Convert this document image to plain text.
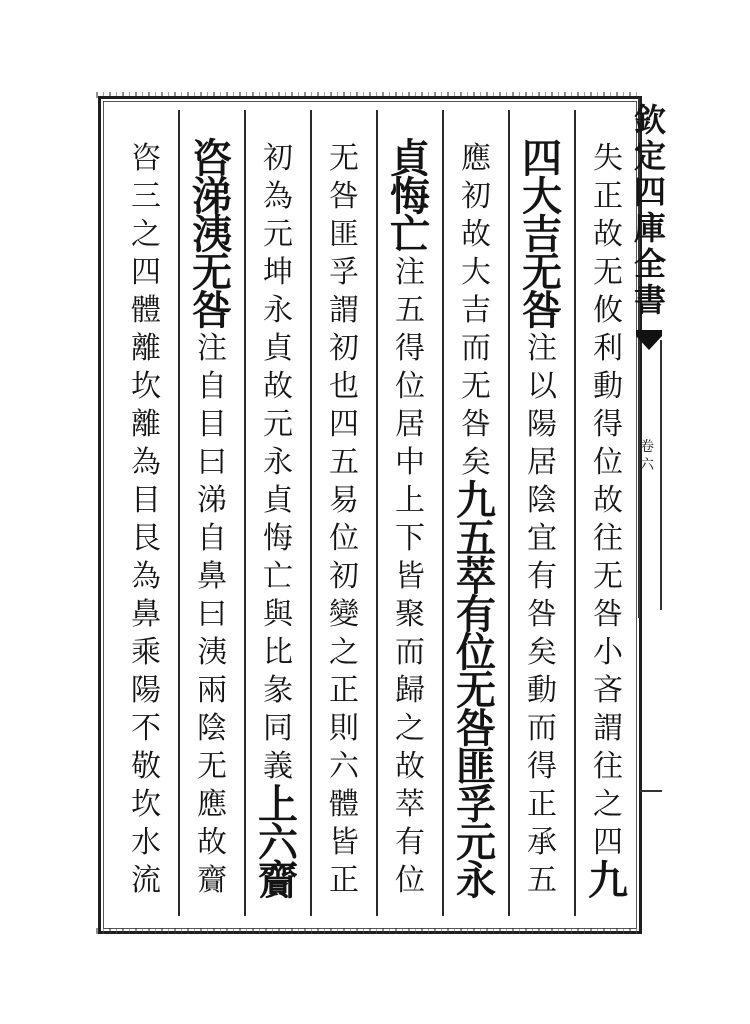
失
正
故
无
攸
利
動
得
位
故
往
无
咎
小
吝
謂
往
之
四
九
四
大
吉
无
咎
注
以
陽
居
陰
宜
有
咎
矣
動
而
得
正
承
五
應
初
故
大
吉
而
无
咎
矣
九
五
萃
有
位
无
咎
匪
孚
元
永
貞
悔
亡
注
五
得
位
居
中
上
下
皆
聚
而
歸
之
故
萃
有
位
无
咎
匪
孚
謂
初
也
四
五
易
位
初
變
之
正
則
六
體
皆
正
初
為
元
坤
永
貞
故
元
永
貞
悔
亡
與
比
彖
同
義
上
六
齎
咨
涕
洟
无
咎
注
自
目
曰
涕
自
鼻
曰
洟
兩
陰
无
應
故
齎
咨
三
之
四
體
離
坎
離
為
目
艮
為
鼻
乘
陽
不
敬
坎
水
流
欽
定
四
庫
全
書
卷
六
